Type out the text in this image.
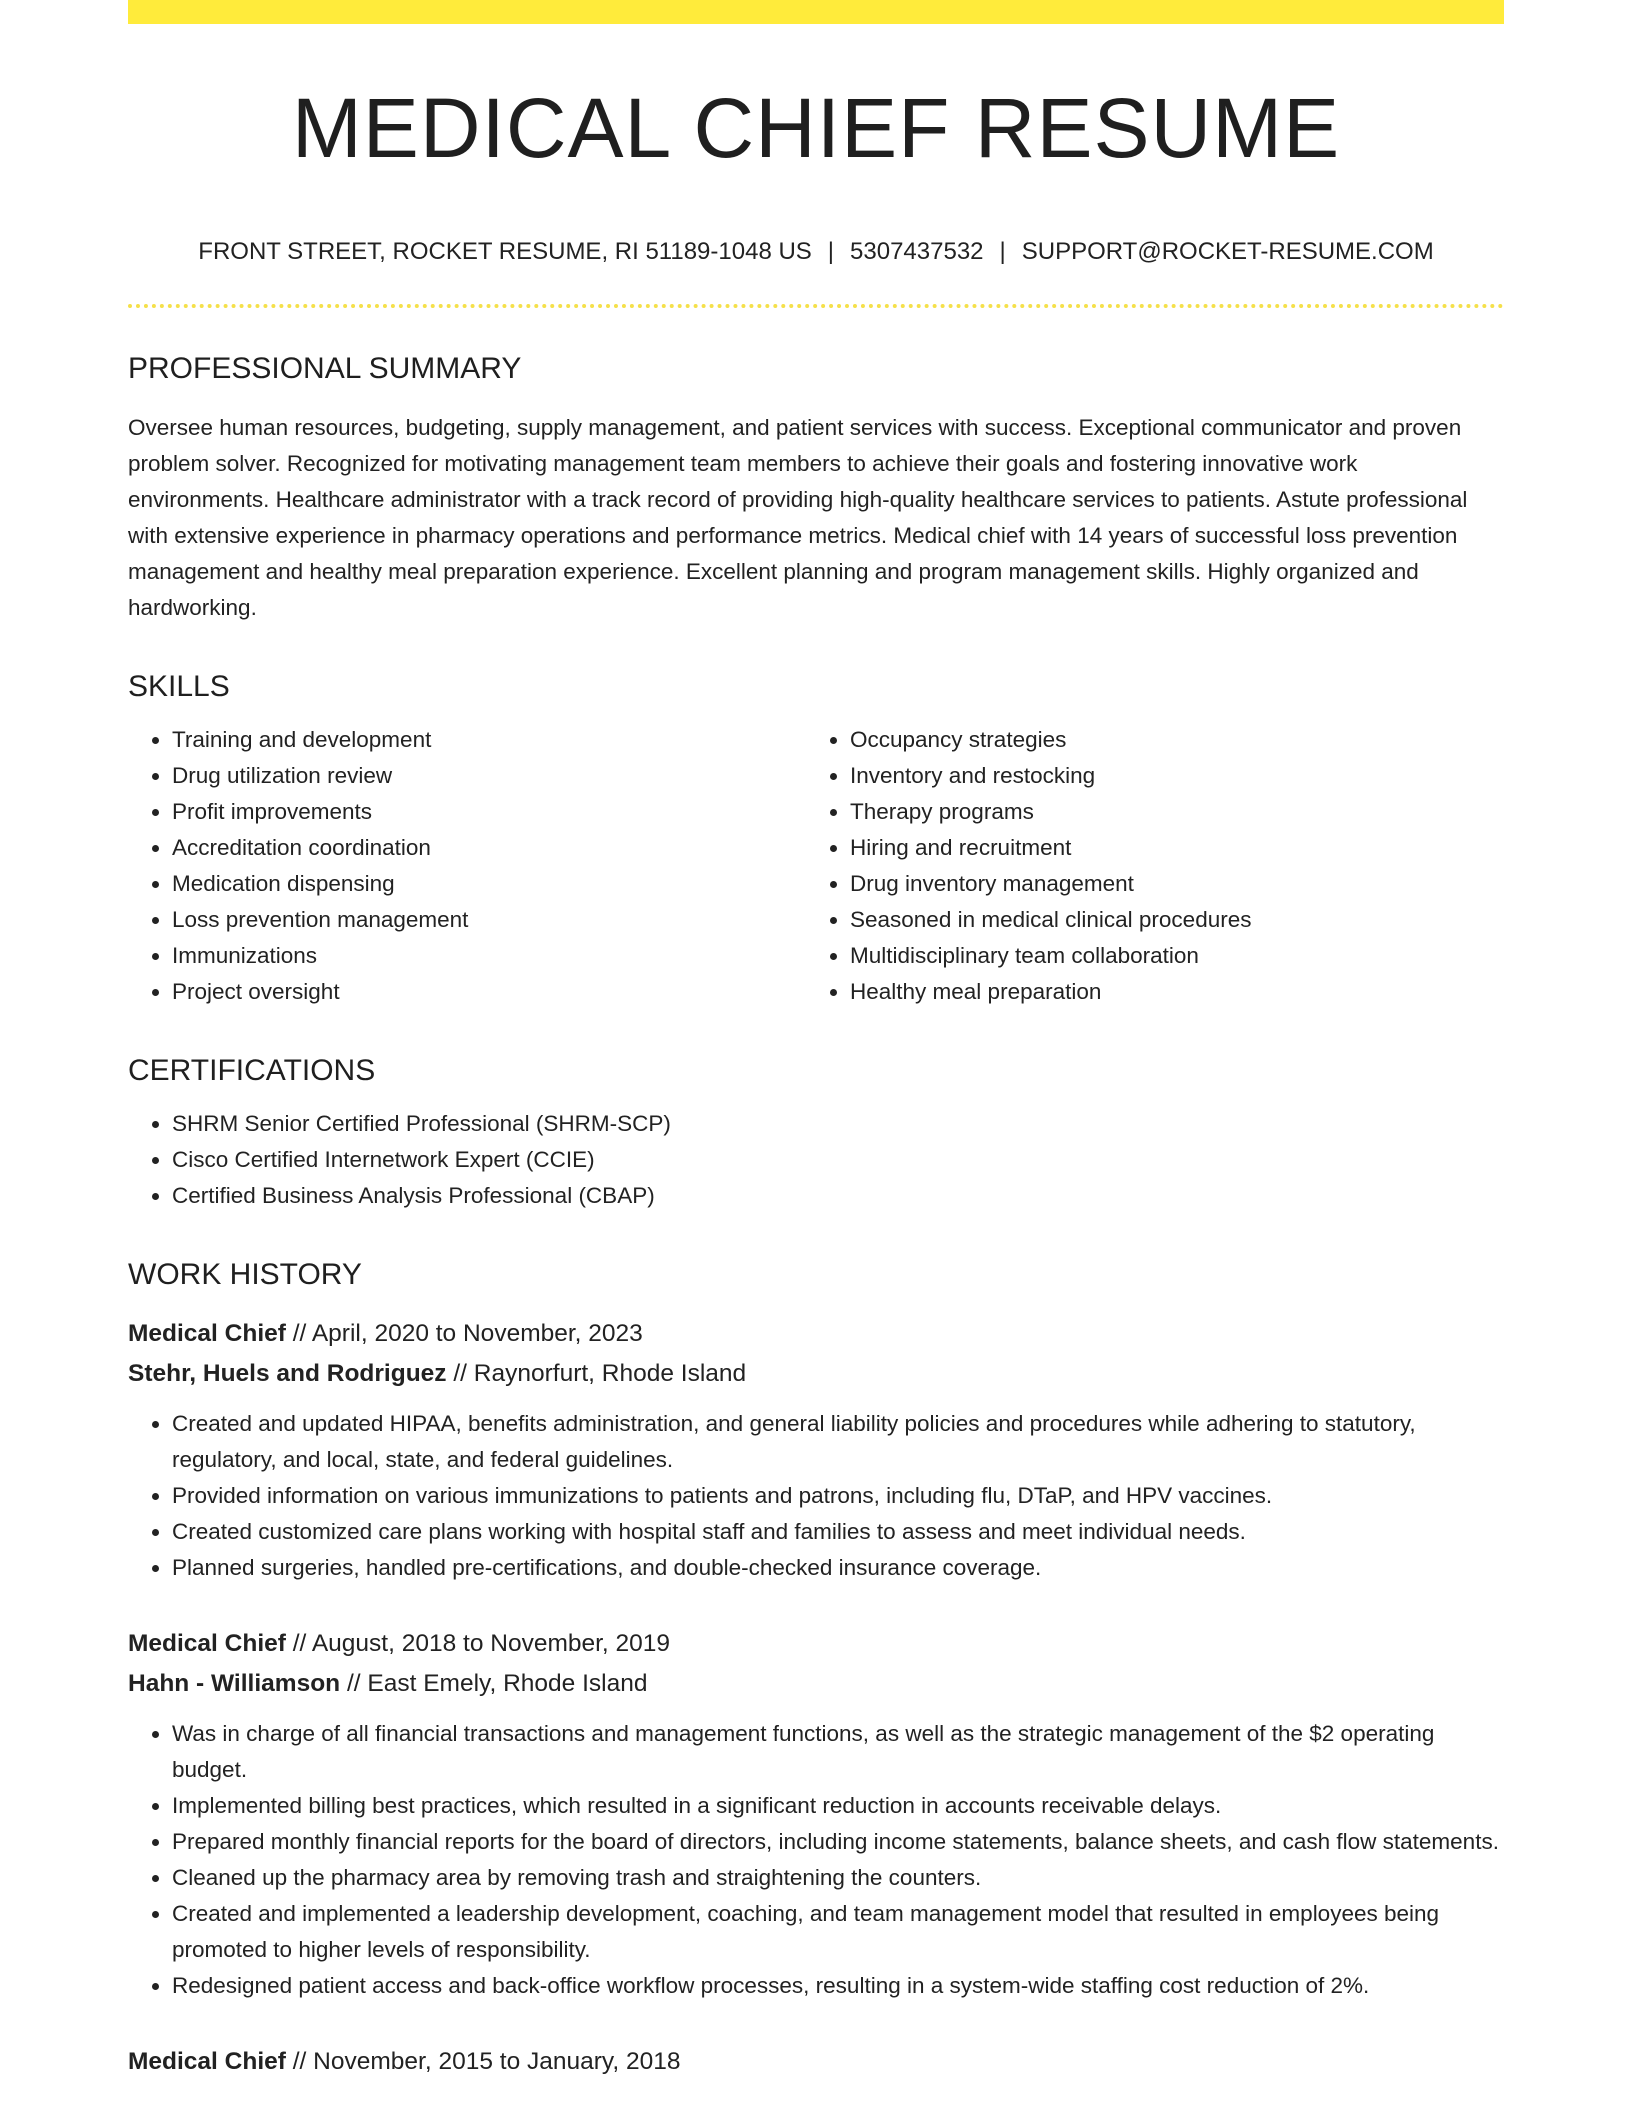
MEDICAL CHIEF RESUME
FRONT STREET, ROCKET RESUME, RI 51189-1048 US | 5307437532 | SUPPORT@ROCKET-RESUME.COM
PROFESSIONAL SUMMARY
Oversee human resources, budgeting, supply management, and patient services with success. Exceptional communicator and proven problem solver. Recognized for motivating management team members to achieve their goals and fostering innovative work environments. Healthcare administrator with a track record of providing high-quality healthcare services to patients. Astute professional with extensive experience in pharmacy operations and performance metrics. Medical chief with 14 years of successful loss prevention management and healthy meal preparation experience. Excellent planning and program management skills. Highly organized and hardworking.
SKILLS
• Training and development
• Drug utilization review
• Profit improvements
• Accreditation coordination
• Medication dispensing
• Loss prevention management
• Immunizations
• Project oversight
• Occupancy strategies
• Inventory and restocking
• Therapy programs
• Hiring and recruitment
• Drug inventory management
• Seasoned in medical clinical procedures
• Multidisciplinary team collaboration
• Healthy meal preparation
CERTIFICATIONS
• SHRM Senior Certified Professional (SHRM-SCP)
• Cisco Certified Internetwork Expert (CCIE)
• Certified Business Analysis Professional (CBAP)
WORK HISTORY
Medical Chief // April, 2020 to November, 2023
Stehr, Huels and Rodriguez // Raynorfurt, Rhode Island
• Created and updated HIPAA, benefits administration, and general liability policies and procedures while adhering to statutory, regulatory, and local, state, and federal guidelines.
• Provided information on various immunizations to patients and patrons, including flu, DTaP, and HPV vaccines.
• Created customized care plans working with hospital staff and families to assess and meet individual needs.
• Planned surgeries, handled pre-certifications, and double-checked insurance coverage.
Medical Chief // August, 2018 to November, 2019
Hahn - Williamson // East Emely, Rhode Island
• Was in charge of all financial transactions and management functions, as well as the strategic management of the $2 operating budget.
• Implemented billing best practices, which resulted in a significant reduction in accounts receivable delays.
• Prepared monthly financial reports for the board of directors, including income statements, balance sheets, and cash flow statements.
• Cleaned up the pharmacy area by removing trash and straightening the counters.
• Created and implemented a leadership development, coaching, and team management model that resulted in employees being promoted to higher levels of responsibility.
• Redesigned patient access and back-office workflow processes, resulting in a system-wide staffing cost reduction of 2%.
Medical Chief // November, 2015 to January, 2018
